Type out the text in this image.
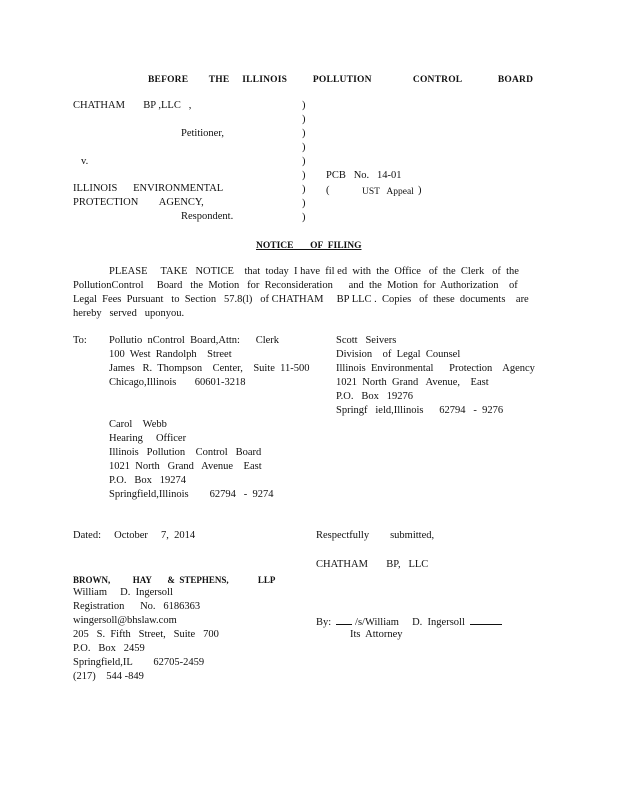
BEFORE        THE     ILLINOIS          POLLUTION                CONTROL              BOARD
CHATHAM       BP ,LLC   ,
Petitioner,
v.
ILLINOIS      ENVIRONMENTAL
PROTECTION        AGENCY,
Respondent.
)
)
)
)
)
)
)
)
)
PCB   No.   14-01
(	UST   Appeal )
NOTICE       OF  FILING
PLEASE     TAKE   NOTICE    that  today  I have  fil ed  with  the  Office   of  the  Clerk   of  the
PollutionControl     Board   the  Motion   for  Reconsideration      and  the  Motion  for  Authorization    of
Legal  Fees  Pursuant   to  Section   57.8(l)   of CHATHAM     BP LLC .  Copies   of  these  documents    are
hereby   served   uponyou.
To: Pollutio  nControl  Board,Attn:      Clerk
100  West  Randolph    Street
James   R.  Thompson    Center,    Suite  11-500
Chicago,Illinois       60601-3218
Scott   Seivers
Division    of  Legal  Counsel
Illinois  Environmental      Protection    Agency
1021  North  Grand   Avenue,    East
P.O.   Box   19276
Springf   ield,Illinois      62794   -  9276
Carol    Webb
Hearing     Officer
Illinois   Pollution    Control   Board
1021  North   Grand   Avenue    East
P.O.   Box   19274
Springfield,Illinois        62794   -  9274
Dated:     October     7,  2014	Respectfully        submitted,
CHATHAM       BP,   LLC
BROWN,          HAY       &  STEPHENS,             LLP
William     D.  Ingersoll
Registration      No.   6186363
wingersoll@bhslaw.com
205   S.  Fifth   Street,   Suite   700
P.O.   Box   2459
Springfield,IL        62705-2459
(217)    544 -849
By: /s/William     D.  Ingersoll
Its  Attorney
